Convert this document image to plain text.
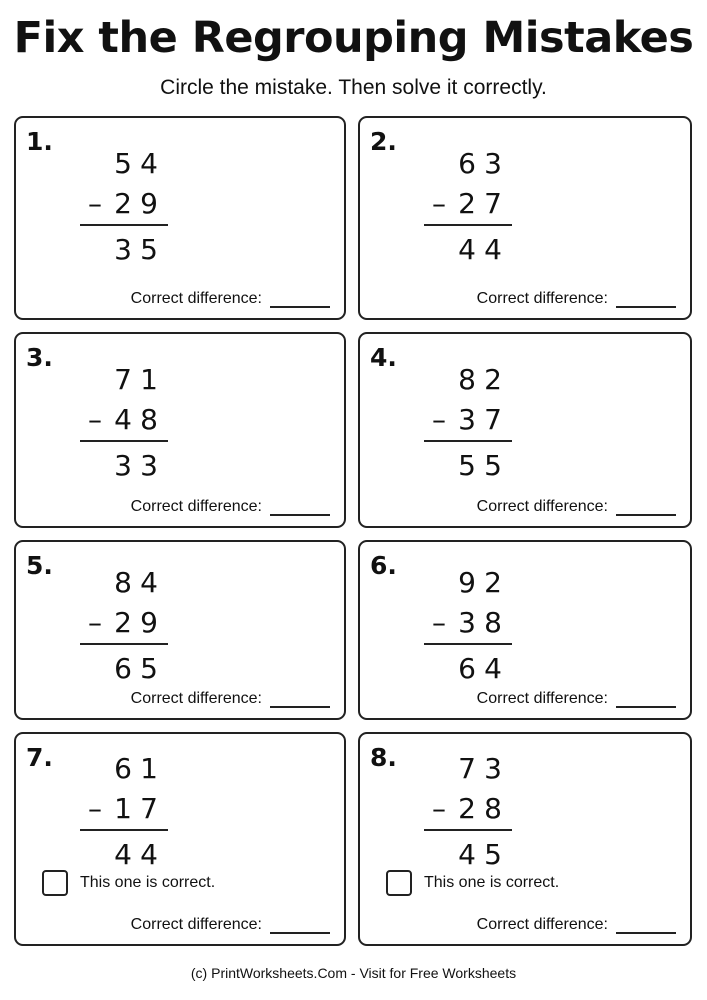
Fix the Regrouping Mistakes
Circle the mistake. Then solve it correctly.
1.
5 4
– 2 9
3 5
Correct difference:
2.
6 3
– 2 7
4 4
Correct difference:
3.
7 1
– 4 8
3 3
Correct difference:
4.
8 2
– 3 7
5 5
Correct difference:
5. 8 4
– 2 9
6 5
Correct difference:
6. 9 2
– 3 8
6 4
Correct difference:
7. 6 1
– 1 7
4 4
This one is correct.
Correct difference:
8. 7 3
– 2 8
4 5
This one is correct.
Correct difference:
(c) PrintWorksheets.Com - Visit for Free Worksheets
